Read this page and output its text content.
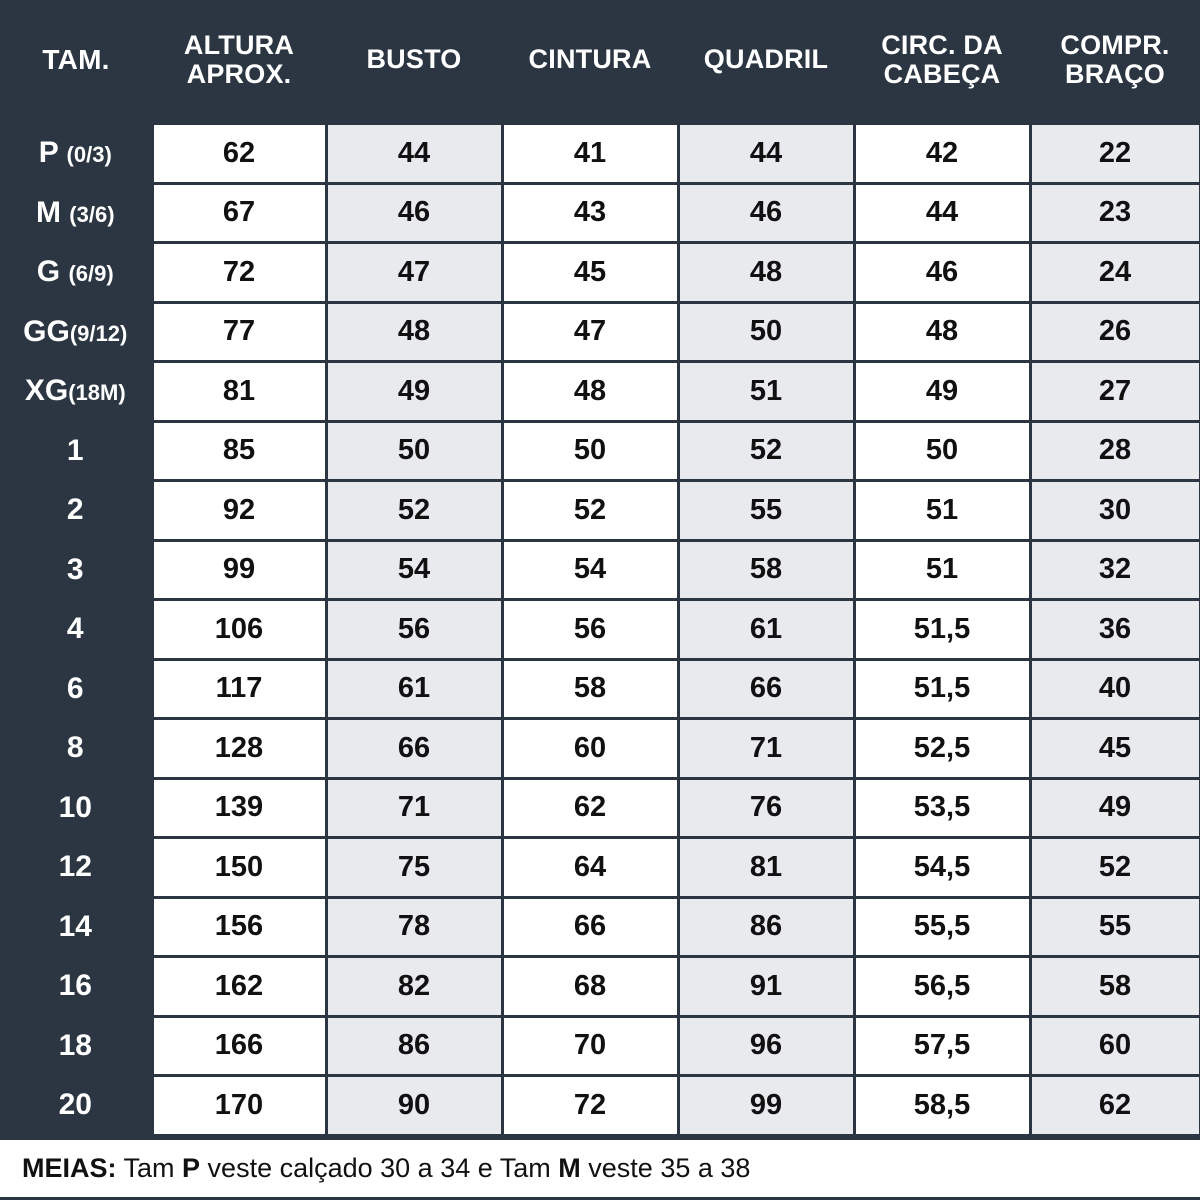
TAM.	ALTURA APROX.	BUSTO	CINTURA	QUADRIL	CIRC. DA CABEÇA	COMPR. BRAÇO
P (0/3)	62	44	41	44	42	22
M (3/6)	67	46	43	46	44	23
G (6/9)	72	47	45	48	46	24
GG(9/12)	77	48	47	50	48	26
XG(18M)	81	49	48	51	49	27
1	85	50	50	52	50	28
2	92	52	52	55	51	30
3	99	54	54	58	51	32
4	106	56	56	61	51,5	36
6	117	61	58	66	51,5	40
8	128	66	60	71	52,5	45
10	139	71	62	76	53,5	49
12	150	75	64	81	54,5	52
14	156	78	66	86	55,5	55
16	162	82	68	91	56,5	58
18	166	86	70	96	57,5	60
20	170	90	72	99	58,5	62
MEIAS: Tam P veste calçado 30 a 34 e Tam M veste 35 a 38
